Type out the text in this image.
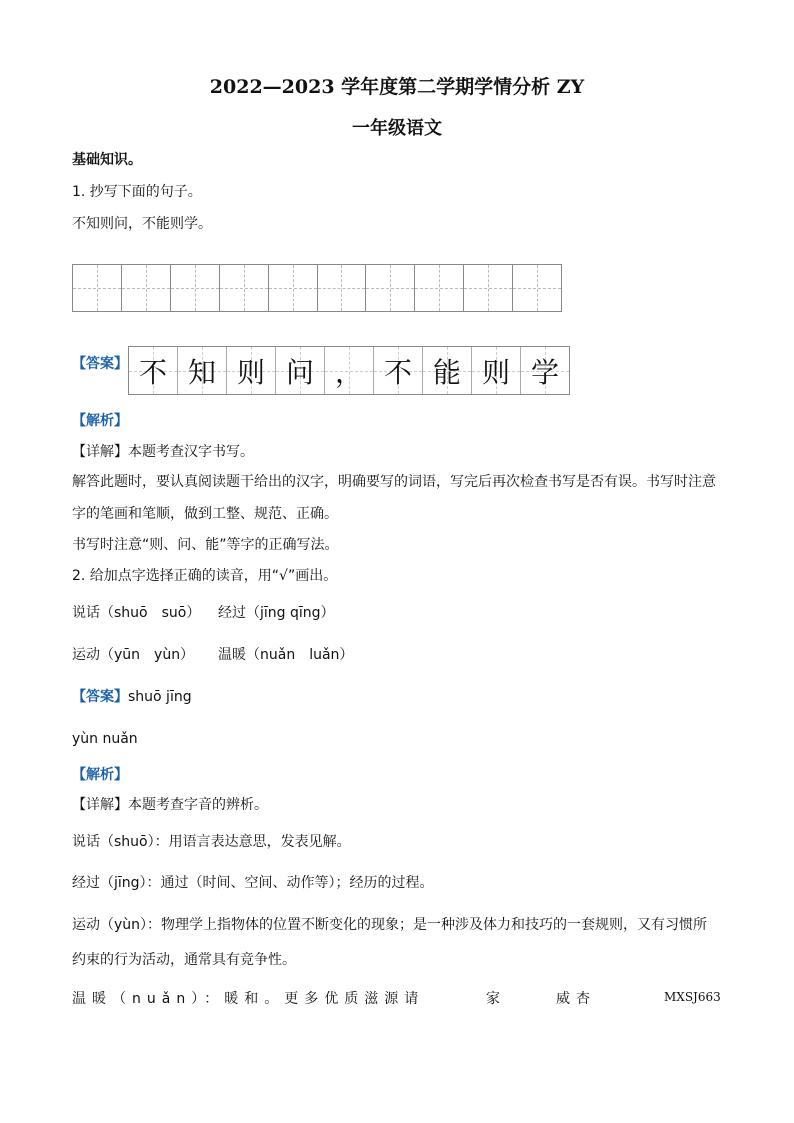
2022—2023 学年度第二学期学情分析 ZY
一年级语文
基础知识。
1. 抄写下面的句子。
不知则问，不能则学。
【答案】 不 知 则 问 ， 不 能 则 学
【解析】
【详解】本题考查汉字书写。
解答此题时，要认真阅读题干给出的汉字，明确要写的词语，写完后再次检查书写是否有误。书写时注意
字的笔画和笔顺，做到工整、规范、正确。
书写时注意“则、问、能”等字的正确写法。
2. 给加点字选择正确的读音，用“√”画出。
说话（shuō　suō） 经过（jīng qīng）
运动（yūn　yùn） 温暖（nuǎn　luǎn）
【答案】shuō jīng
yùn nuǎn
【解析】
【详解】本题考查字音的辨析。
说话（shuō）：用语言表达意思，发表见解。
经过（jīng）：通过（时间、空间、动作等）；经历的过程。
运动（yùn）：物理学上指物体的位置不断变化的现象；是一种涉及体力和技巧的一套规则，又有习惯所
约束的行为活动，通常具有竞争性。
温暖（nuǎn）：暖和。更多优质滋源请	家	威杏	MXSJ663
